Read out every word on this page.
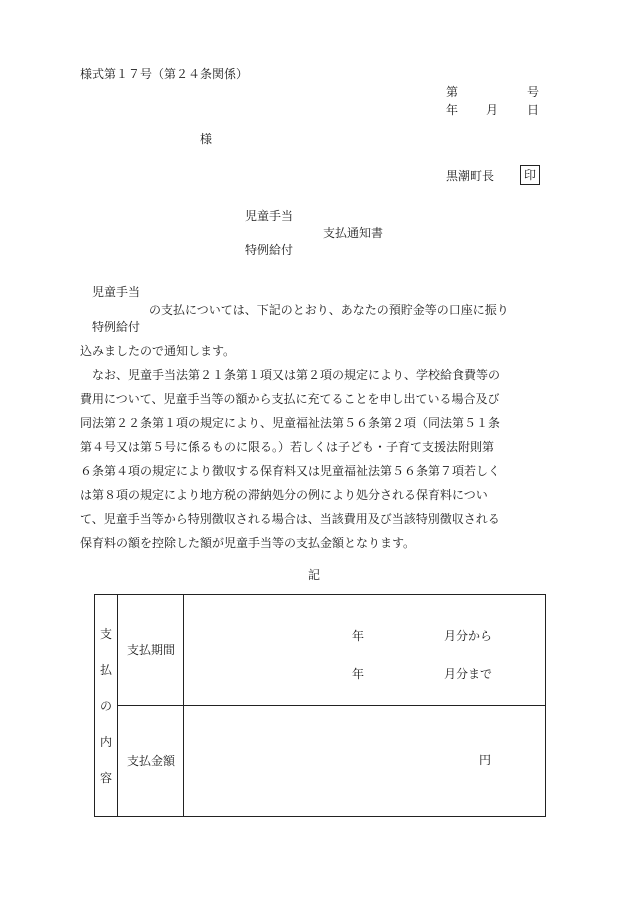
様式第１７号（第２４条関係）
第	号
年 月 日
様
黒潮町長	印
児童手当
支払通知書
特例給付
児童手当
の支払については、下記のとおり、あなたの預貯金等の口座に振り
特例給付
込みましたので通知します。
なお、児童手当法第２１条第１項又は第２項の規定により、学校給食費等の
費用について、児童手当等の額から支払に充てることを申し出ている場合及び
同法第２２条第１項の規定により、児童福祉法第５６条第２項（同法第５１条
第４号又は第５号に係るものに限る。）若しくは子ども・子育て支援法附則第
６条第４項の規定により徴収する保育料又は児童福祉法第５６条第７項若しく
は第８項の規定により地方税の滞納処分の例により処分される保育料につい
て、児童手当等から特別徴収される場合は、当該費用及び当該特別徴収される
保育料の額を控除した額が児童手当等の支払金額となります。
記
支
払
の
内
容	支払期間	年 月分から
年 月分まで

	支払金額	円
